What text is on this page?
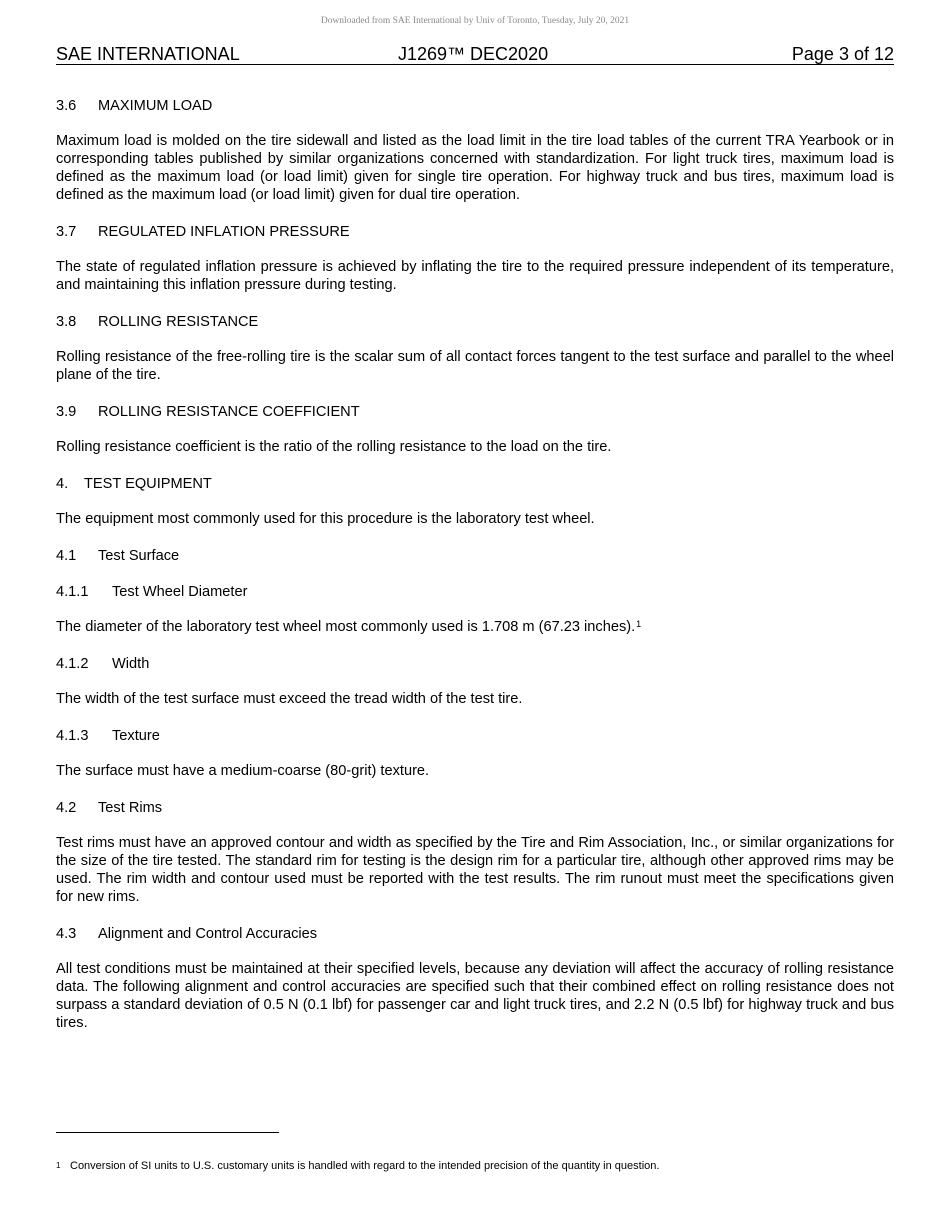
Downloaded from SAE International by Univ of Toronto, Tuesday, July 20, 2021
SAE INTERNATIONAL	J1269™ DEC2020	Page 3 of 12
3.6 MAXIMUM LOAD

Maximum load is molded on the tire sidewall and listed as the load limit in the tire load tables of the current TRA Yearbook or in corresponding tables published by similar organizations concerned with standardization. For light truck tires, maximum load is defined as the maximum load (or load limit) given for single tire operation. For highway truck and bus tires, maximum load is defined as the maximum load (or load limit) given for dual tire operation.

3.7 REGULATED INFLATION PRESSURE

The state of regulated inflation pressure is achieved by inflating the tire to the required pressure independent of its temperature, and maintaining this inflation pressure during testing.

3.8 ROLLING RESISTANCE

Rolling resistance of the free-rolling tire is the scalar sum of all contact forces tangent to the test surface and parallel to the wheel plane of the tire.

3.9 ROLLING RESISTANCE COEFFICIENT

Rolling resistance coefficient is the ratio of the rolling resistance to the load on the tire.

4. TEST EQUIPMENT

The equipment most commonly used for this procedure is the laboratory test wheel.

4.1 Test Surface
4.1.1 Test Wheel Diameter

The diameter of the laboratory test wheel most commonly used is 1.708 m (67.23 inches).$^1$

4.1.2 Width

The width of the test surface must exceed the tread width of the test tire.

4.1.3 Texture

The surface must have a medium-coarse (80-grit) texture.

4.2 Test Rims

Test rims must have an approved contour and width as specified by the Tire and Rim Association, Inc., or similar organizations for the size of the tire tested. The standard rim for testing is the design rim for a particular tire, although other approved rims may be used. The rim width and contour used must be reported with the test results. The rim runout must meet the specifications given for new rims.

4.3 Alignment and Control Accuracies

All test conditions must be maintained at their specified levels, because any deviation will affect the accuracy of rolling resistance data. The following alignment and control accuracies are specified such that their combined effect on rolling resistance does not surpass a standard deviation of 0.5 N (0.1 lbf) for passenger car and light truck tires, and 2.2 N (0.5 lbf) for highway truck and bus tires.

1 Conversion of SI units to U.S. customary units is handled with regard to the intended precision of the quantity in question.
